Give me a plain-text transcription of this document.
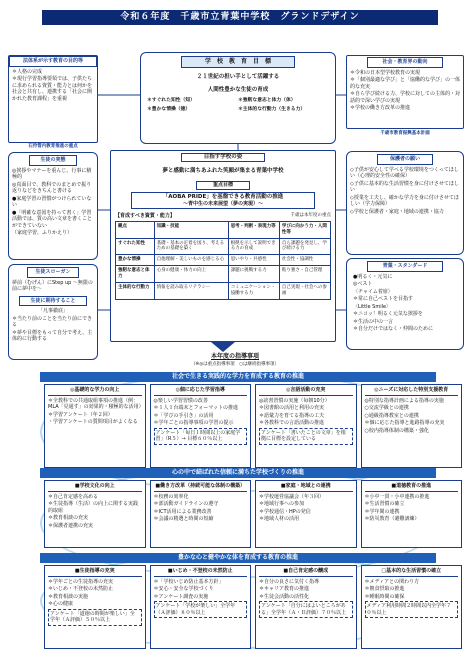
令和６年度　千歳市立青葉中学校　グランドデザイン
法体系が示す教育の目的等
＊人格の完成
＊現行学習指導要領では、子供たちに求められる資質・能力とは何かを社会と共有し、連携する「社会に開かれた教育課程」を重視
石狩管内教育推進の重点
生徒の実態
◎挨拶やマナーを重んじ、行事に積極的
◎真面目で、教科でのまとめで振り返りなどをきちんと書ける
●家庭学習の習慣がつけられていない
●「明確な意図を持って書く」学習活動では、質の高い文章を書くことができていない
（家庭学習、ふりかえり）
生徒スローガン
夢前（むげん）にStep up ～無限の前に夢中を～
生徒に期待すること
「凡事徹底」
＊当たり前のことを当たり前にできる
＊夢や目標をもって自分で考え、主体的に行動する
学　校　教　育　目　標
２１世紀の担い手として活躍する
人間性豊かな生徒の育成
＊すぐれた知性（知）	＊強靭な意志と体力（体）
＊豊かな情操（徳）	＊主体的な行動力（生きる力）
目指す学校の姿
夢と感動に満ちあふれた笑顔が集まる青葉中学校
重点目標
「AOBA PRIDE」を基盤できる教育活動の推進
～青中生の未来展望（夢の実現）～
【育成すべき資質・能力】	千歳は本年度の重点
観点	知識・技能	思考・判断・表現力等	学びに向かう力・人間性等
すぐれた知性	基礎・基本の定着を図り、考えるための基礎を築く	根拠を示して説明できる力の育成	自ら課題を発見し、学び続ける力
豊かな情操	自他理解・美しいものを感じる心	思いやり・共感性	社会性・協調性
強靭な意志と体力	心身の健康・体力の向上	課題に挑戦する力	粘り強さ・自己管理
主体的な行動力	情報を読み取るリテラシー	コミュニケーション・協働する力	自己実現・社会への参画
本年度の指導事項
（※◎は重点指導事項　○は継続指導事項）
社会・教育界の動向
＊令和の日本型学校教育の実現
＊「個別最適な学び」と「協働的な学び」の一体的な充実
＊自ら学び続ける力、学校に対しての主体的・対話的で深い学びの実現
＊学校の働き方改革の推進
千歳市教育振興基本計画
保護者の願い
◇子供が安心して学べる学校環境をつくってほしい（心理的安全性の確保）
◇子供に基本的な生活習慣を身に付けさせてほしい
◇授業を工夫し、確かな学力を身に付けさせてほしい（学力保障）
◇学校と保護者・家庭・地域の連携・協力
青葉・スタンダード
●明るく・元気に
◎ベスト
〈チャイム着席〉
＊常に自己ベストを目指す
〈Little Smile〉
＊ニコッ！明るく元気な挨拶を
＊生活の中の一言
＊自分だけではなく・仲間のために
社会で生きる実践的な学力を育成する教育の推進
◎基礎的な学力の向上
＊全教科での共通取組事項の推進（例：MLA「見通す」の効果的・積極的な活用）
＊学習アンケート（年２回）
・学習アンケートの質問項目がよくなる
◎個に応じた学習指導
◎楽しい学習習慣の改善
＊１人１台端末とフォーマットの推進
＊「学びの手引き」の活用
＊学年ごとの指導事項の学習の提示
アンケート「毎日１時間以上の家庭学習」（R５）→ 目標６０％以上
◎言語活動の充実
◎読書習慣の実施（毎朝10分）
＊図書館の活用と利用の充実
＊語彙力を育てる指導の工夫
＊各教科での言語活動の推進
アンケート「書いたことの文章」を根拠に目標を設定している
◎ニーズに対応した特別支援教育
◎特別な指導計画による指導の実施
○交流学級との連携
○通級指導教室との連携
＊個に応じた指導と進路指導の充実
○校内指導体制の構築・強化
心の中で結ばれた信頼に満ちた学校づくりの推進
■学校文化の向上
＊自己肯定感を高める
＊生徒指導（生活）の向上に関する実践的取組
＊教育相談の充実
＊保護者連携の充実
■働き方改革（持続可能な体制の構築）
＊校務の効率化
＊部活動ガイドラインの遵守
＊ICT活用による業務改善
＊会議の精選と時間の短縮
■家庭・地域との連携
＊学校運営協議会（年３回）
＊地域行事への参加
＊学校通信・HPの発信
＊地域人材の活用
■道徳教育の推進
＊小中一貫・小中連携の推進
＊生活習慣の確立
＊学年間の連携
＊防災教育（避難訓練）
豊かな心と健やかな体を育成する教育の推進
■生徒指導の充実
＊学年ごとの生徒指導の充実
＊いじめ・不登校の未然防止
＊教育相談の実施
＊心の健康
アンケート「道徳の時間が楽しい」全学年（Ａ評価）５０％以上
■いじめ・不登校の未然防止
＊「学校いじめ防止基本方針」
＊安心・安全な学校づくり
＊アンケート調査の実施
アンケート「学校が楽しい」全学年（Ａ評価）８０％以上
■自己肯定感の醸成
＊自分の良さに気付く指導
＊キャリア教育の推進
＊生徒会活動の活性化
アンケート「自分にはよいところがある」全学年（Ａ・Ｂ評価）７０％以上
□基本的な生活習慣の確立
＊メディアとの関わり方
＊朝食摂取の推進
＊睡眠時間の確保
メディア利用時間２時間以内全学年７０％以上
